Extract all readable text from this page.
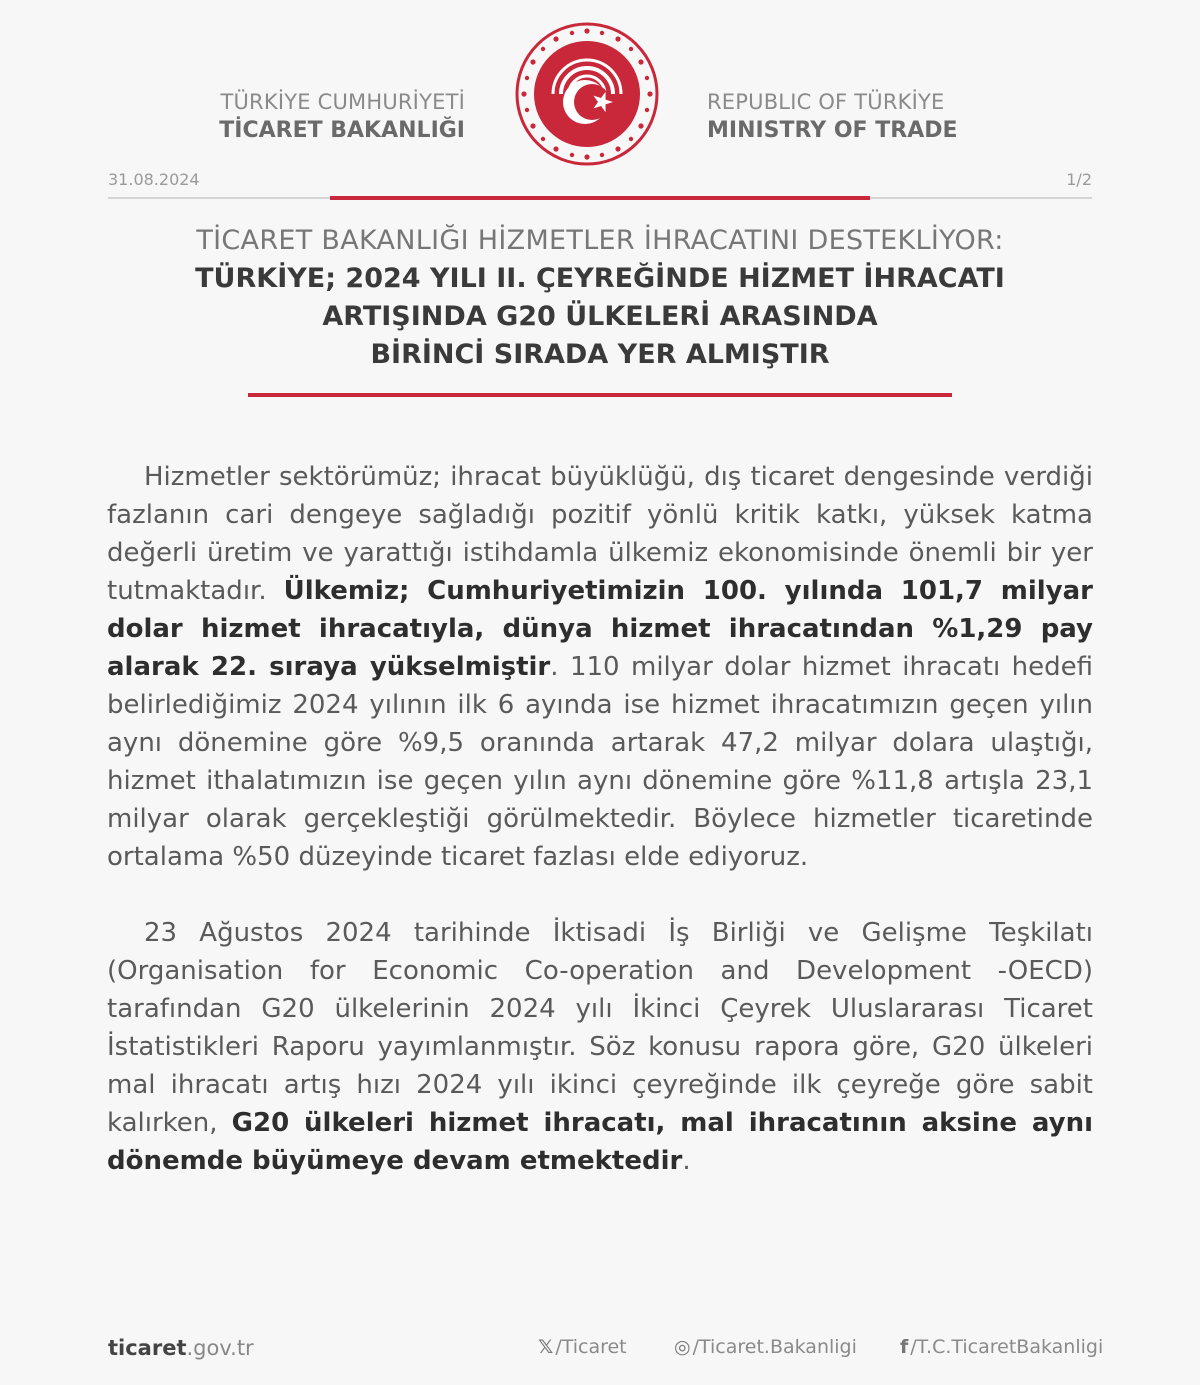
TÜRKİYE CUMHURİYETİ
TİCARET BAKANLIĞI
REPUBLIC OF TÜRKİYE
MINISTRY OF TRADE
31.08.2024	1/2
TİCARET BAKANLIĞI HİZMETLER İHRACATINI DESTEKLİYOR:
TÜRKİYE; 2024 YILI II. ÇEYREĞİNDE HİZMET İHRACATI
ARTIŞINDA G20 ÜLKELERİ ARASINDA
BİRİNCİ SIRADA YER ALMIŞTIR

Hizmetler sektörümüz; ihracat büyüklüğü, dış ticaret dengesinde verdiği fazlanın cari dengeye sağladığı pozitif yönlü kritik katkı, yüksek katma değerli üretim ve yarattığı istihdamla ülkemiz ekonomisinde önemli bir yer tutmaktadır. Ülkemiz; Cumhuriyetimizin 100. yılında 101,7 milyar dolar hizmet ihracatıyla, dünya hizmet ihracatından %1,29 pay alarak 22. sıraya yükselmiştir. 110 milyar dolar hizmet ihracatı hedefi belirlediğimiz 2024 yılının ilk 6 ayında ise hizmet ihracatımızın geçen yılın aynı dönemine göre %9,5 oranında artarak 47,2 milyar dolara ulaştığı, hizmet ithalatımızın ise geçen yılın aynı dönemine göre %11,8 artışla 23,1 milyar olarak gerçekleştiği görülmektedir. Böylece hizmetler ticaretinde ortalama %50 düzeyinde ticaret fazlası elde ediyoruz.

23 Ağustos 2024 tarihinde İktisadi İş Birliği ve Gelişme Teşkilatı (Organisation for Economic Co-operation and Development -OECD) tarafından G20 ülkelerinin 2024 yılı İkinci Çeyrek Uluslararası Ticaret İstatistikleri Raporu yayımlanmıştır. Söz konusu rapora göre, G20 ülkeleri mal ihracatı artış hızı 2024 yılı ikinci çeyreğinde ilk çeyreğe göre sabit kalırken, G20 ülkeleri hizmet ihracatı, mal ihracatının aksine aynı dönemde büyümeye devam etmektedir.

ticaret.gov.tr	𝕏 /Ticaret ◎ /Ticaret.Bakanligi f /T.C.TicaretBakanligi
